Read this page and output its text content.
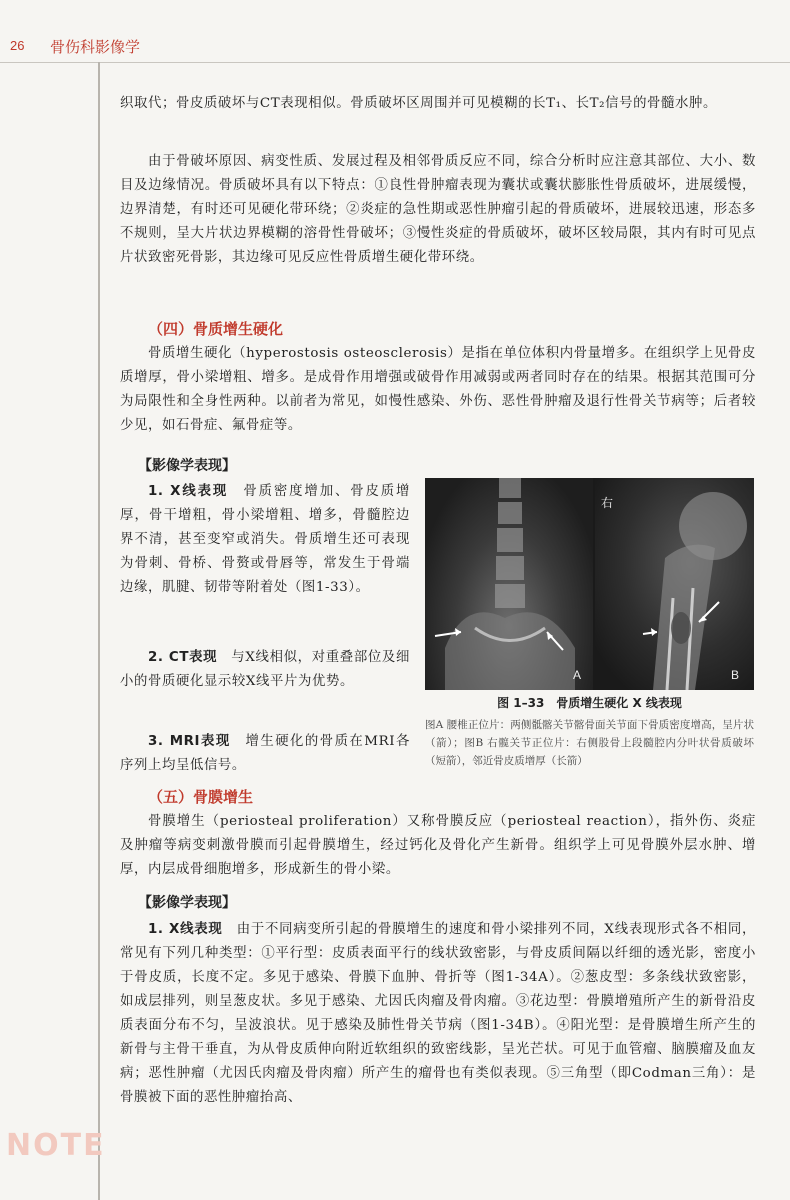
26 骨伤科影像学
NOTE

织取代；骨皮质破坏与CT表现相似。骨质破坏区周围并可见模糊的长T₁、长T₂信号的骨髓水肿。

由于骨破坏原因、病变性质、发展过程及相邻骨质反应不同，综合分析时应注意其部位、大小、数目及边缘情况。骨质破坏具有以下特点：①良性骨肿瘤表现为囊状或囊状膨胀性骨质破坏，进展缓慢，边界清楚，有时还可见硬化带环绕；②炎症的急性期或恶性肿瘤引起的骨质破坏，进展较迅速，形态多不规则，呈大片状边界模糊的溶骨性骨破坏；③慢性炎症的骨质破坏，破坏区较局限，其内有时可见点片状致密死骨影，其边缘可见反应性骨质增生硬化带环绕。

（四）骨质增生硬化

骨质增生硬化（hyperostosis osteosclerosis）是指在单位体积内骨量增多。在组织学上见骨皮质增厚，骨小梁增粗、增多。是成骨作用增强或破骨作用减弱或两者同时存在的结果。根据其范围可分为局限性和全身性两种。以前者为常见，如慢性感染、外伤、恶性骨肿瘤及退行性骨关节病等；后者较少见，如石骨症、氟骨症等。

【影像学表现】

1. X线表现　 骨质密度增加、骨皮质增厚，骨干增粗，骨小梁增粗、增多，骨髓腔边界不清，甚至变窄或消失。骨质增生还可表现为骨刺、骨桥、骨赘或骨唇等，常发生于骨端边缘，肌腱、韧带等附着处（图1-33）。

2. CT表现　 与X线相似，对重叠部位及细小的骨质硬化显示较X线平片为优势。

3. MRI表现　 增生硬化的骨质在MRI各序列上均呈低信号。

A
右
B

图 1–33　骨质增生硬化 X 线表现

图A 腰椎正位片：两侧骶髂关节髂骨面关节面下骨质密度增高，呈片状（箭）；图B 右髋关节正位片：右侧股骨上段髓腔内分叶状骨质破坏（短箭），邻近骨皮质增厚（长箭）

（五）骨膜增生

骨膜增生（periosteal proliferation）又称骨膜反应（periosteal reaction），指外伤、炎症及肿瘤等病变刺激骨膜而引起骨膜增生，经过钙化及骨化产生新骨。组织学上可见骨膜外层水肿、增厚，内层成骨细胞增多，形成新生的骨小梁。

【影像学表现】

1. X线表现　 由于不同病变所引起的骨膜增生的速度和骨小梁排列不同，X线表现形式各不相同，常见有下列几种类型：①平行型：皮质表面平行的线状致密影，与骨皮质间隔以纤细的透光影，密度小于骨皮质，长度不定。多见于感染、骨膜下血肿、骨折等（图1-34A）。②葱皮型：多条线状致密影，如成层排列，则呈葱皮状。多见于感染、尤因氏肉瘤及骨肉瘤。③花边型：骨膜增殖所产生的新骨沿皮质表面分布不匀，呈波浪状。见于感染及肺性骨关节病（图1-34B）。④阳光型：是骨膜增生所产生的新骨与主骨干垂直，为从骨皮质伸向附近软组织的致密线影，呈光芒状。可见于血管瘤、脑膜瘤及血友病；恶性肿瘤（尤因氏肉瘤及骨肉瘤）所产生的瘤骨也有类似表现。⑤三角型（即Codman三角）：是骨膜被下面的恶性肿瘤抬高、
